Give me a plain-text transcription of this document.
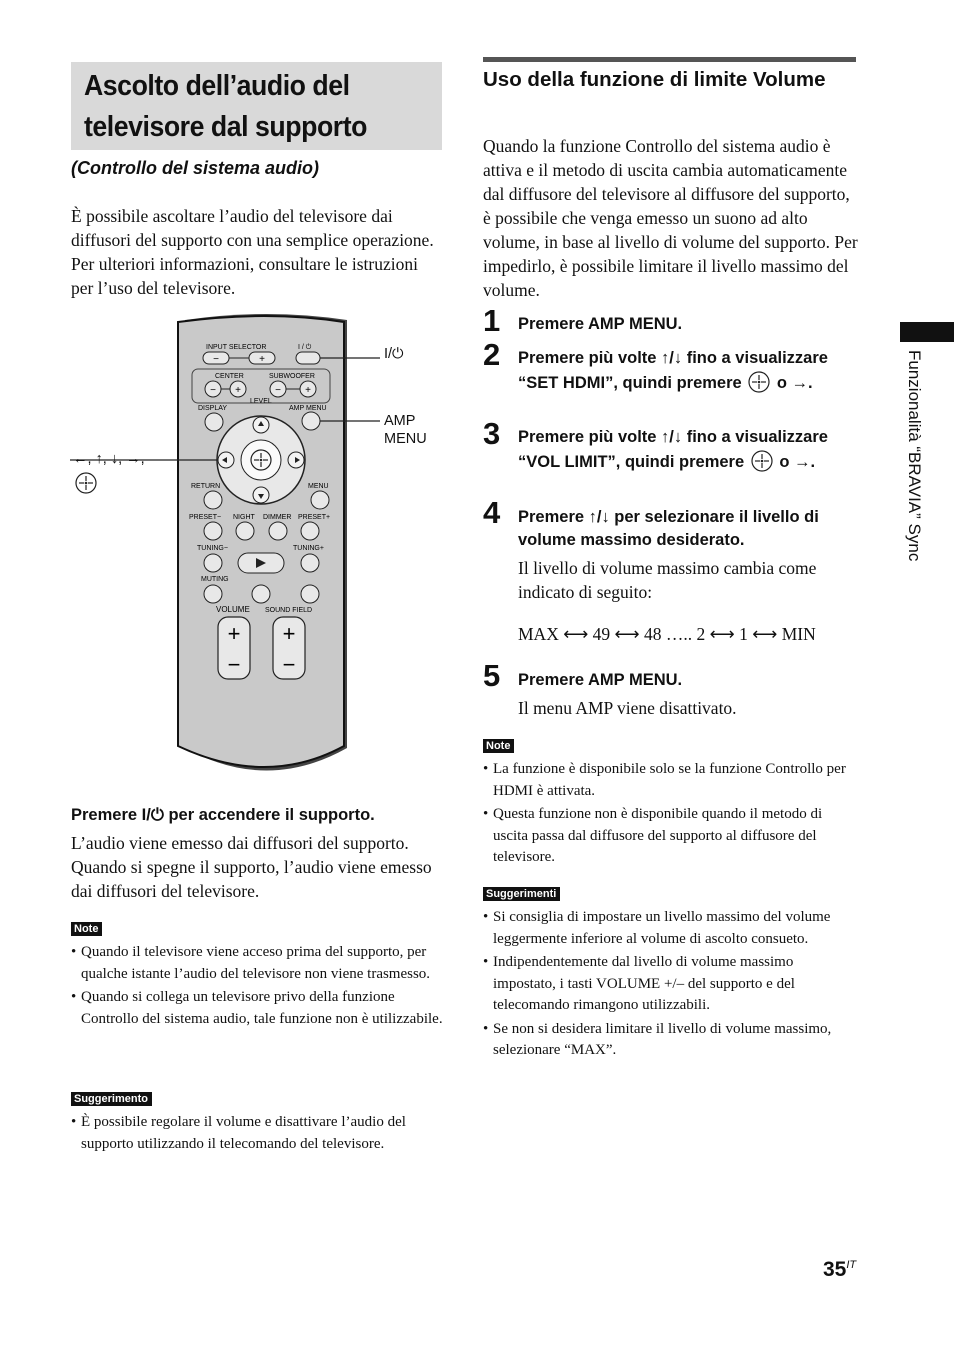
Ascolto dell’audio del
televisore dal supporto
(Controllo del sistema audio)
È possibile ascoltare l’audio del televisore dai diffusori del supporto con una semplice operazione. Per ulteriori informazioni, consultare le istruzioni per l’uso del televisore.
INPUT SELECTOR	I / ⏻
−	+
CENTER	SUBWOOFER
− +	− +
LEVEL
DISPLAY	AMP MENU
RETURN	MENU
PRESET− NIGHT DIMMER PRESET+
TUNING−	TUNING+
MUTING
VOLUME SOUND FIELD
+
−
+
−
I/⏻
AMP
MENU
←, ↑, ↓, →,
Premere I/⏻ per accendere il supporto.
L’audio viene emesso dai diffusori del supporto. Quando si spegne il supporto, l’audio viene emesso dai diffusori del televisore.
Note
• Quando il televisore viene acceso prima del supporto, per qualche istante l’audio del televisore non viene trasmesso.
• Quando si collega un televisore privo della funzione Controllo del sistema audio, tale funzione non è utilizzabile.
Suggerimento
• È possibile regolare il volume e disattivare l’audio del supporto utilizzando il telecomando del televisore.
Uso della funzione di limite Volume
Quando la funzione Controllo del sistema audio è attiva e il metodo di uscita cambia automaticamente dal diffusore del televisore al diffusore del supporto, è possibile che venga emesso un suono ad alto volume, in base al livello di volume del supporto. Per impedirlo, è possibile limitare il livello massimo del volume.
1 Premere AMP MENU.
2 Premere più volte ↑/↓ fino a visualizzare “SET HDMI”, quindi premere o →.
3 Premere più volte ↑/↓ fino a visualizzare “VOL LIMIT”, quindi premere o →.
4 Premere ↑/↓ per selezionare il livello di volume massimo desiderato.
Il livello di volume massimo cambia come indicato di seguito:
MAX ⟷ 49 ⟷ 48 ….. 2 ⟷ 1 ⟷ MIN
5 Premere AMP MENU.
Il menu AMP viene disattivato.
Note
• La funzione è disponibile solo se la funzione Controllo per HDMI è attivata.
• Questa funzione non è disponibile quando il metodo di uscita passa dal diffusore del supporto al diffusore del televisore.
Suggerimenti
• Si consiglia di impostare un livello massimo del volume leggermente inferiore al volume di ascolto consueto.
• Indipendentemente dal livello di volume massimo impostato, i tasti VOLUME +/– del supporto e del telecomando rimangono utilizzabili.
• Se non si desidera limitare il livello di volume massimo, selezionare “MAX”.
Funzionalità “BRAVIA” Sync
$35^{IT}$
